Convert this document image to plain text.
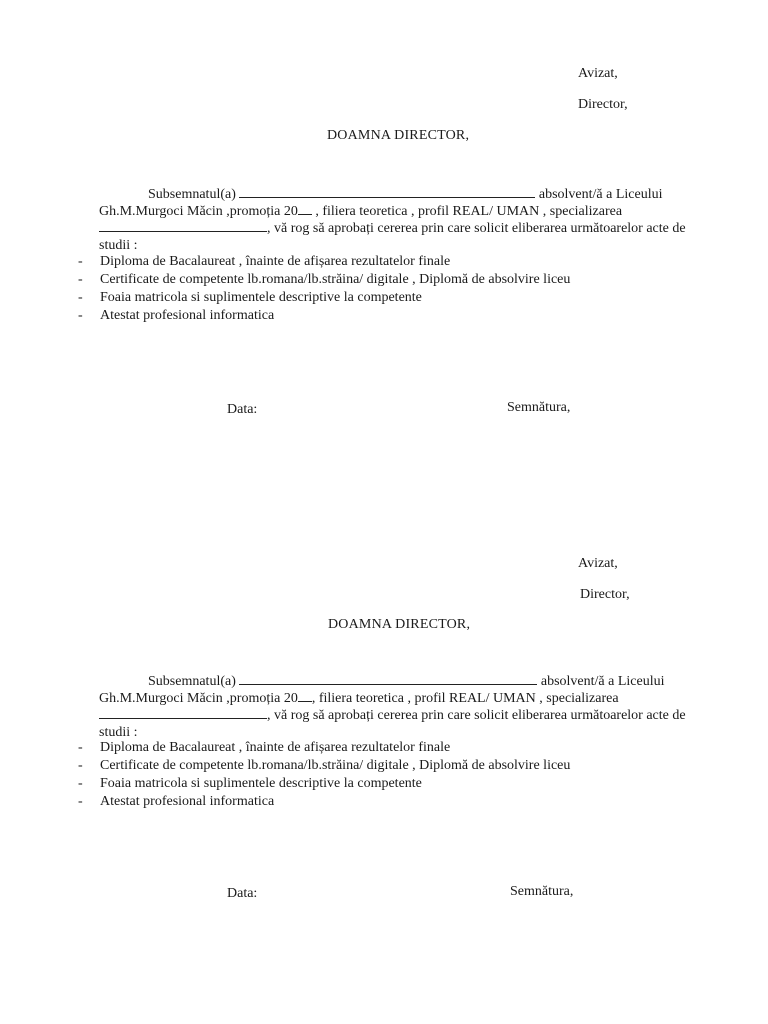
Avizat,
Director,
DOAMNA DIRECTOR,
Subsemnatul(a)	absolvent/ă a Liceului
Gh.M.Murgoci Măcin ,promoția 20 , filiera teoretica , profil REAL/ UMAN , specializarea
, vă rog să aprobați cererea prin care solicit eliberarea următoarelor acte de
studii :
- Diploma de Bacalaureat , înainte de afișarea rezultatelor finale
- Certificate de competente lb.romana/lb.străina/ digitale , Diplomă de absolvire liceu
- Foaia matricola si suplimentele descriptive la competente
- Atestat profesional informatica
Data:	Semnătura,
Avizat,
Director,
DOAMNA DIRECTOR,
Subsemnatul(a)	absolvent/ă a Liceului
Gh.M.Murgoci Măcin ,promoția 20 , filiera teoretica , profil REAL/ UMAN , specializarea
, vă rog să aprobați cererea prin care solicit eliberarea următoarelor acte de
studii :
- Diploma de Bacalaureat , înainte de afișarea rezultatelor finale
- Certificate de competente lb.romana/lb.străina/ digitale , Diplomă de absolvire liceu
- Foaia matricola si suplimentele descriptive la competente
- Atestat profesional informatica
Data:	Semnătura,
